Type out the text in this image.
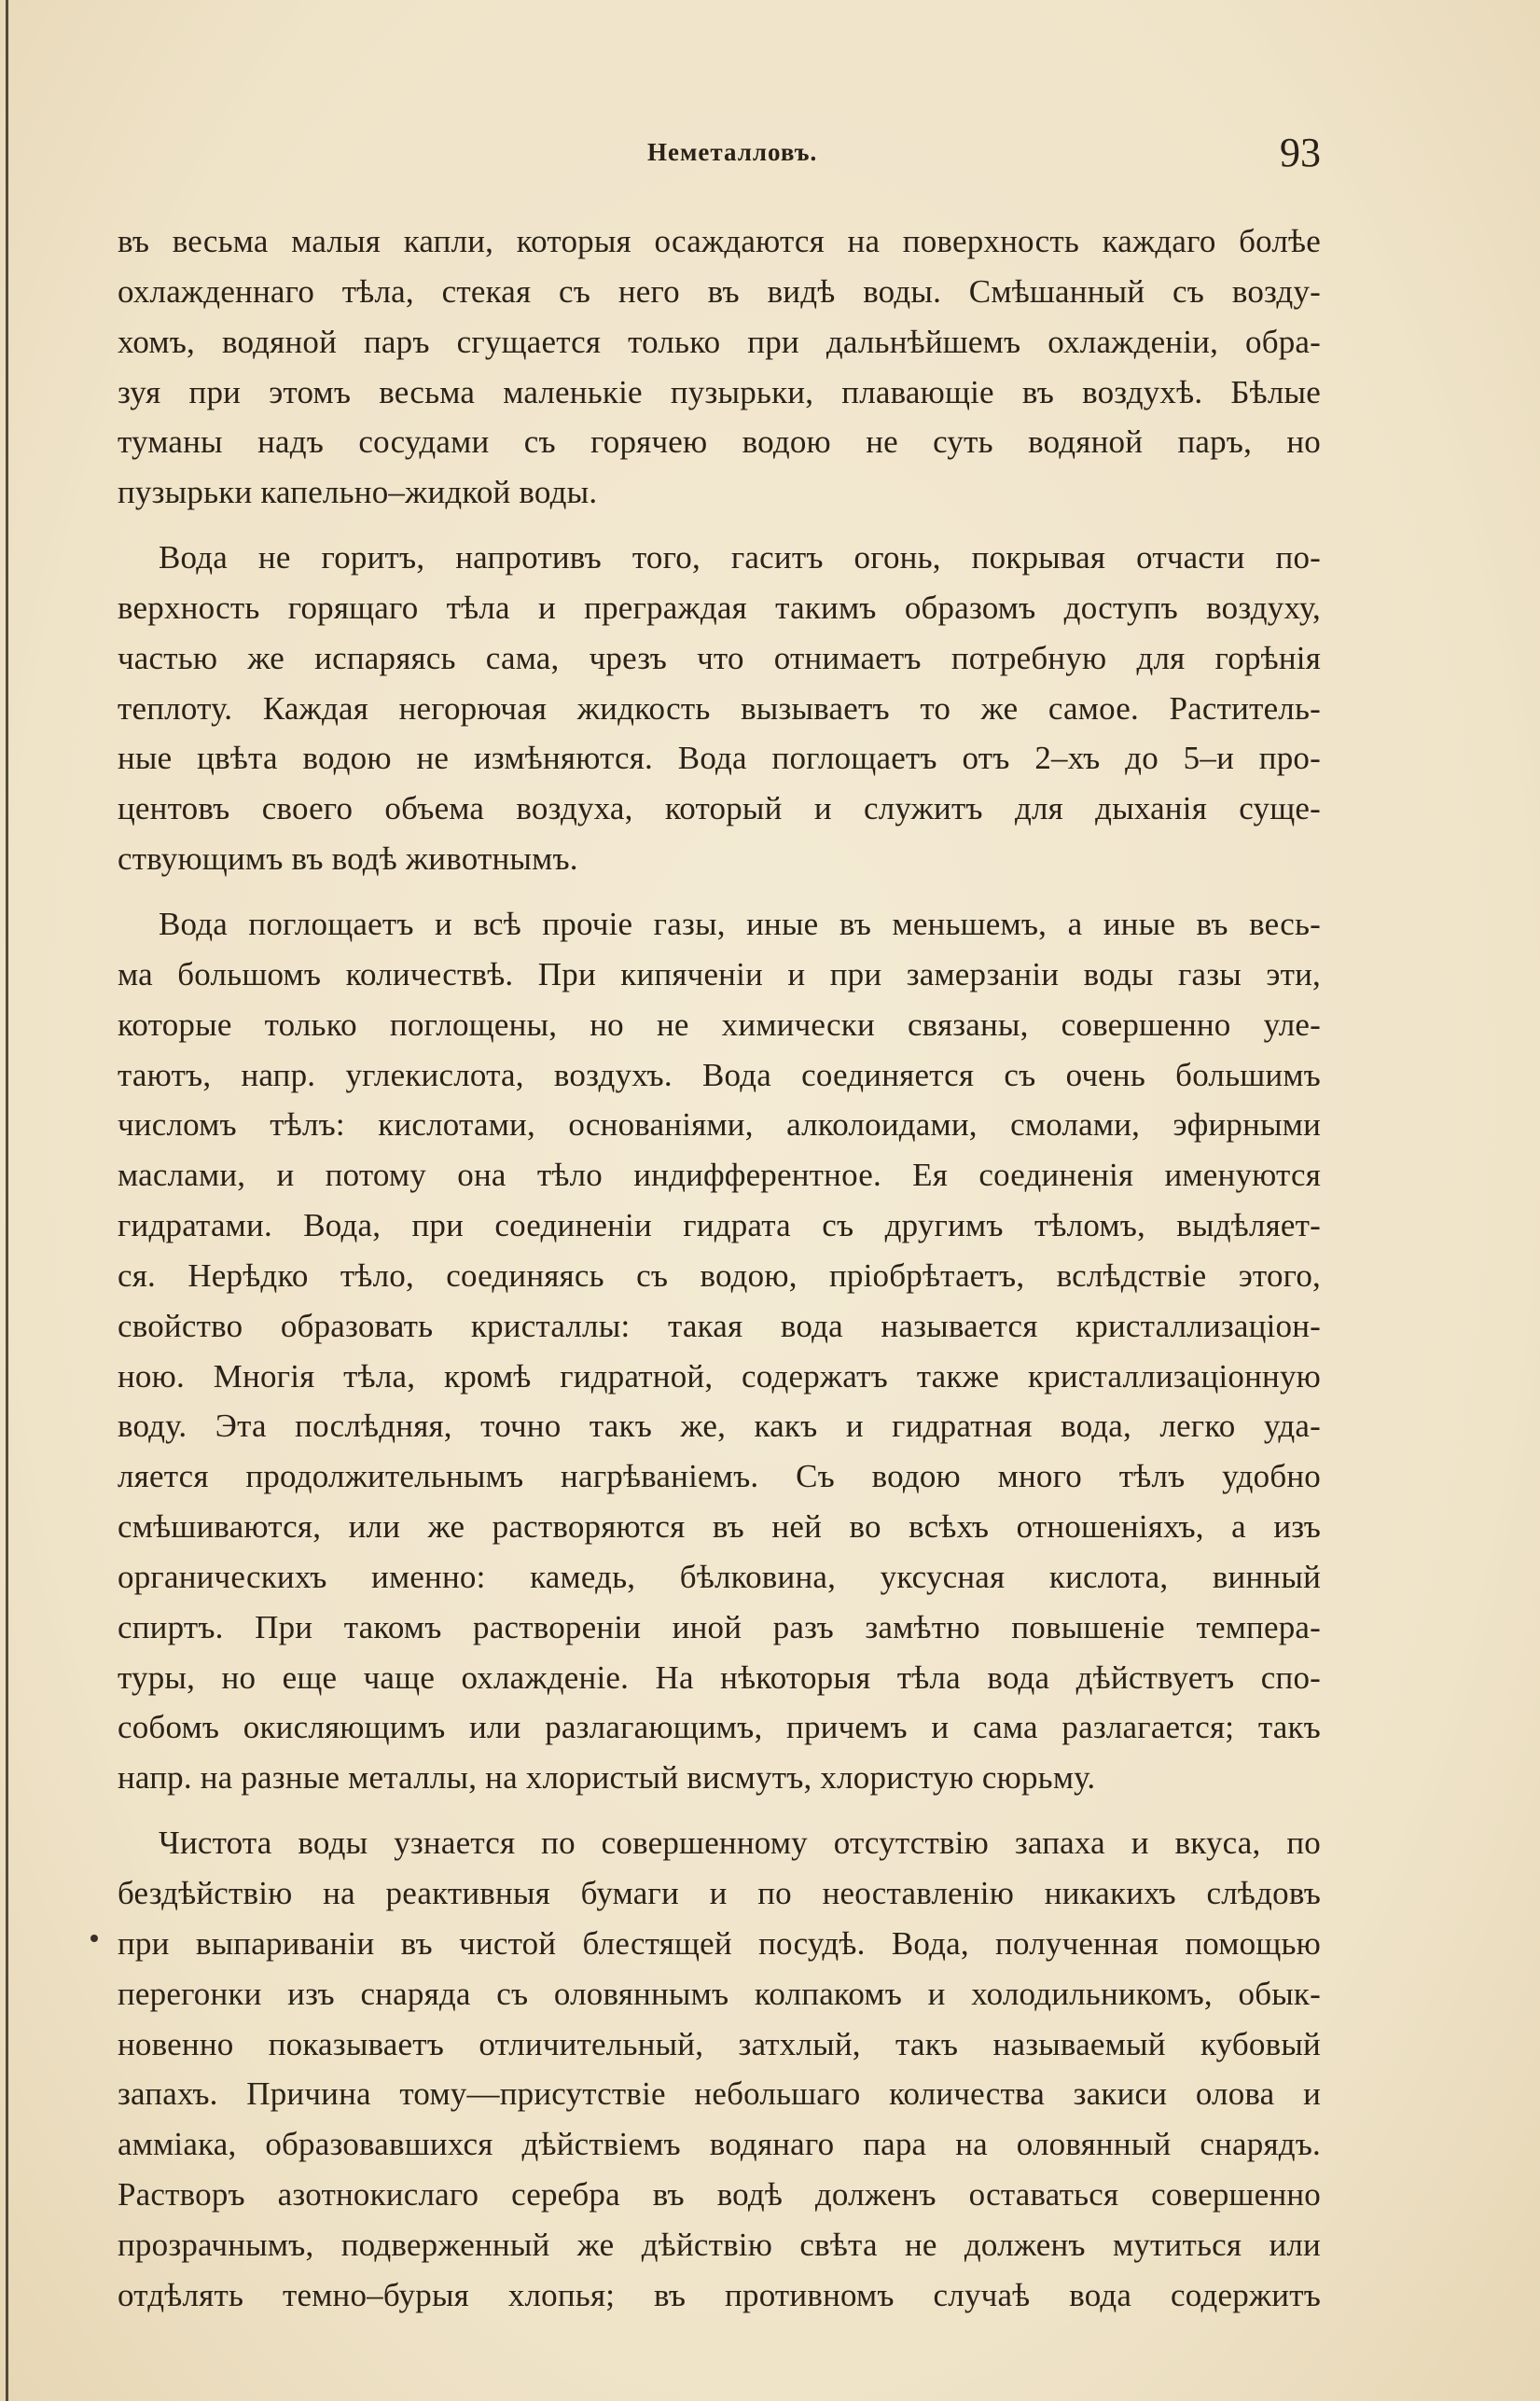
Неметалловъ.	93
въ весьма малыя капли, которыя осаждаются на поверхность каждаго болѣе
охлажденнаго тѣла, стекая съ него въ видѣ воды. Смѣшанный съ возду-
хомъ, водяной паръ сгущается только при дальнѣйшемъ охлажденіи, обра-
зуя при этомъ весьма маленькіе пузырьки, плавающіе въ воздухѣ. Бѣлые
туманы надъ сосудами съ горячею водою не суть водяной паръ, но
пузырьки капельно–жидкой воды.
Вода не горитъ, напротивъ того, гаситъ огонь, покрывая отчасти по-
верхность горящаго тѣла и преграждая такимъ образомъ доступъ воздуху,
частью же испаряясь сама, чрезъ что отнимаетъ потребную для горѣнія
теплоту. Каждая негорючая жидкость вызываетъ то же самое. Раститель-
ные цвѣта водою не измѣняются. Вода поглощаетъ отъ 2–хъ до 5–и про-
центовъ своего объема воздуха, который и служитъ для дыханія суще-
ствующимъ въ водѣ животнымъ.
Вода поглощаетъ и всѣ прочіе газы, иные въ меньшемъ, а иные въ весь-
ма большомъ количествѣ. При кипяченіи и при замерзаніи воды газы эти,
которые только поглощены, но не химически связаны, совершенно уле-
таютъ, напр. углекислота, воздухъ. Вода соединяется съ очень большимъ
числомъ тѣлъ: кислотами, основаніями, алколоидами, смолами, эфирными
маслами, и потому она тѣло индифферентное. Ея соединенія именуются
гидратами. Вода, при соединеніи гидрата съ другимъ тѣломъ, выдѣляет-
ся. Нерѣдко тѣло, соединяясь съ водою, пріобрѣтаетъ, вслѣдствіе этого,
свойство образовать кристаллы: такая вода называется кристаллизаціон-
ною. Многія тѣла, кромѣ гидратной, содержатъ также кристаллизаціонную
воду. Эта послѣдняя, точно такъ же, какъ и гидратная вода, легко уда-
ляется продолжительнымъ нагрѣваніемъ. Съ водою много тѣлъ удобно
смѣшиваются, или же растворяются въ ней во всѣхъ отношеніяхъ, а изъ
органическихъ именно: камедь, бѣлковина, уксусная кислота, винный
спиртъ. При такомъ раствореніи иной разъ замѣтно повышеніе темпера-
туры, но еще чаще охлажденіе. На нѣкоторыя тѣла вода дѣйствуетъ спо-
собомъ окисляющимъ или разлагающимъ, причемъ и сама разлагается; такъ
напр. на разные металлы, на хлористый висмутъ, хлористую сюрьму.
Чистота воды узнается по совершенному отсутствію запаха и вкуса, по
бездѣйствію на реактивныя бумаги и по неоставленію никакихъ слѣдовъ
при выпариваніи въ чистой блестящей посудѣ. Вода, полученная помощью
перегонки изъ снаряда съ оловяннымъ колпакомъ и холодильникомъ, обык-
новенно показываетъ отличительный, затхлый, такъ называемый кубовый
запахъ. Причина тому—присутствіе небольшаго количества закиси олова и
амміака, образовавшихся дѣйствіемъ водянаго пара на оловянный снарядъ.
Растворъ азотнокислаго серебра въ водѣ долженъ оставаться совершенно
прозрачнымъ, подверженный же дѣйствію свѣта не долженъ мутиться или
отдѣлять темно–бурыя хлопья; въ противномъ случаѣ вода содержитъ
